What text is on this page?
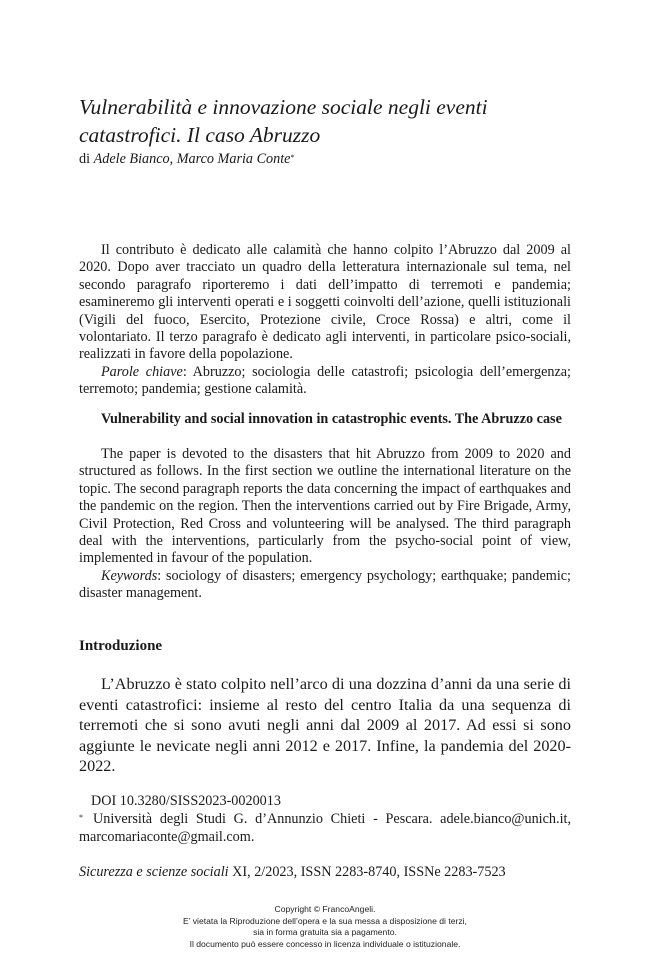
Vulnerabilità e innovazione sociale negli eventi catastrofici. Il caso Abruzzo
di Adele Bianco, Marco Maria Conte*

Il contributo è dedicato alle calamità che hanno colpito l’Abruzzo dal 2009 al 2020. Dopo aver tracciato un quadro della letteratura internazionale sul tema, nel secondo paragrafo riporteremo i dati dell’impatto di terremoti e pandemia; esamineremo gli interventi operati e i soggetti coinvolti dell’azione, quelli istituzionali (Vigili del fuoco, Esercito, Protezione civile, Croce Rossa) e altri, come il volontariato. Il terzo paragrafo è dedicato agli interventi, in particolare psico-sociali, realizzati in favore della popolazione.

Parole chiave: Abruzzo; sociologia delle catastrofi; psicologia dell’emergenza; terremoto; pandemia; gestione calamità.

Vulnerability and social innovation in catastrophic events. The Abruzzo case

The paper is devoted to the disasters that hit Abruzzo from 2009 to 2020 and structured as follows. In the first section we outline the international literature on the topic. The second paragraph reports the data concerning the impact of earthquakes and the pandemic on the region. Then the interventions carried out by Fire Brigade, Army, Civil Protection, Red Cross and volunteering will be analysed. The third paragraph deal with the interventions, particularly from the psycho-social point of view, implemented in favour of the population.

Keywords: sociology of disasters; emergency psychology; earthquake; pandemic; disaster management.

Introduzione

L’Abruzzo è stato colpito nell’arco di una dozzina d’anni da una serie di eventi catastrofici: insieme al resto del centro Italia da una sequenza di terremoti che si sono avuti negli anni dal 2009 al 2017. Ad essi si sono aggiunte le nevicate negli anni 2012 e 2017. Infine, la pandemia del 2020-2022.

DOI 10.3280/SISS2023-0020013
* Università degli Studi G. d’Annunzio Chieti - Pescara. adele.bianco@unich.it, marcomariaconte@gmail.com.
Sicurezza e scienze sociali XI, 2/2023, ISSN 2283-8740, ISSNe 2283-7523
Copyright © FrancoAngeli.
E’ vietata la Riproduzione dell’opera e la sua messa a disposizione di terzi,
sia in forma gratuita sia a pagamento.
Il documento può essere concesso in licenza individuale o istituzionale.
